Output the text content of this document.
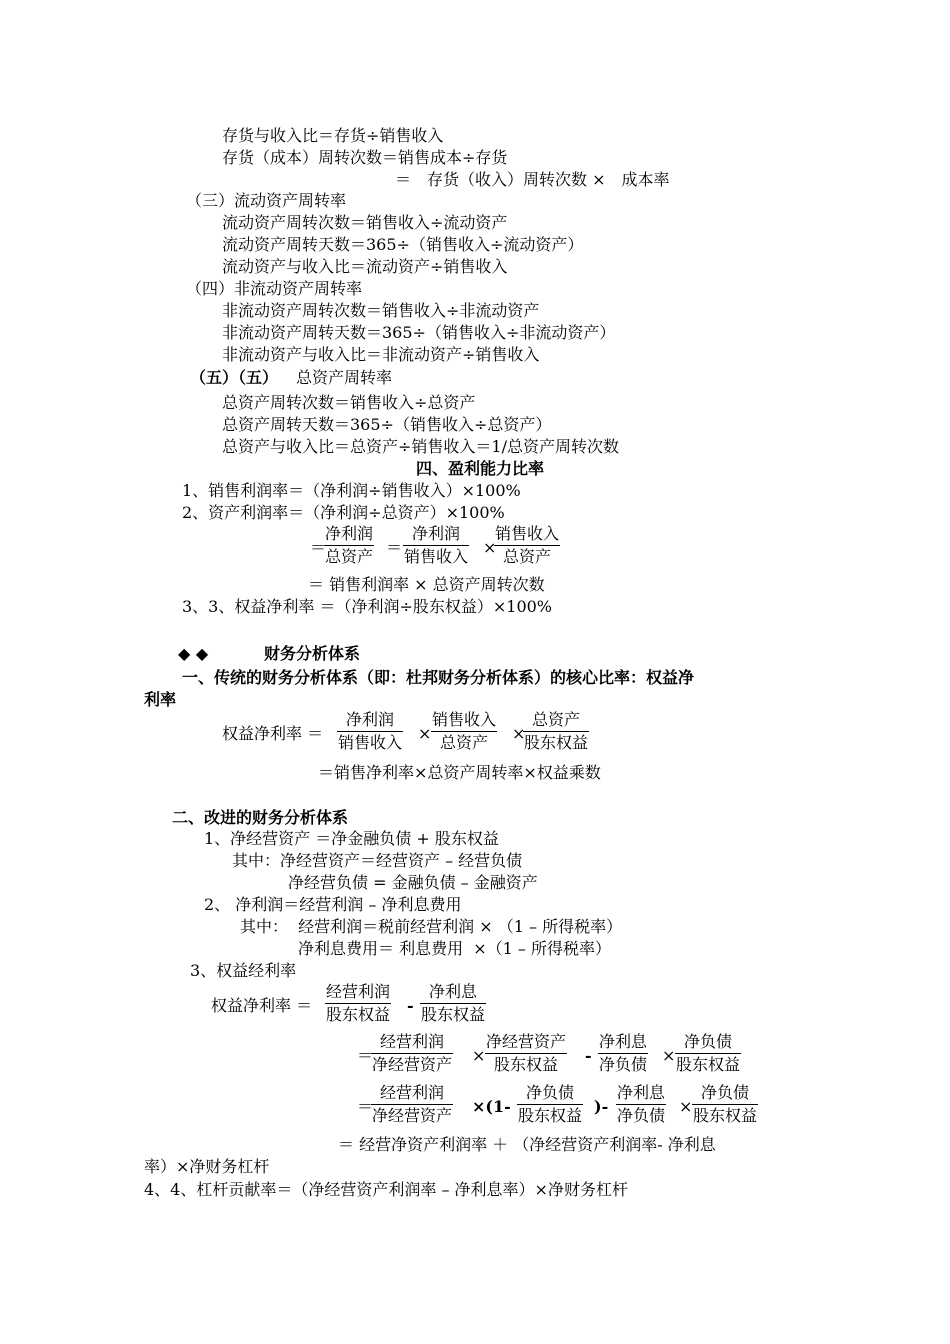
存货与收入比＝存货÷销售收入
存货（成本）周转次数＝销售成本÷存货
＝　存货（收入）周转次数 ×　成本率
（三）流动资产周转率
流动资产周转次数＝销售收入÷流动资产
流动资产周转天数＝365÷（销售收入÷流动资产）
流动资产与收入比＝流动资产÷销售收入
（四）非流动资产周转率
非流动资产周转次数＝销售收入÷非流动资产
非流动资产周转天数＝365÷（销售收入÷非流动资产）
非流动资产与收入比＝非流动资产÷销售收入
（五）（五） 总资产周转率
总资产周转次数＝销售收入÷总资产
总资产周转天数＝365÷（销售收入÷总资产）
总资产与收入比＝总资产÷销售收入＝1/总资产周转次数
四、盈利能力比率
1、销售利润率＝（净利润÷销售收入）×100%
2、资产利润率＝（净利润÷总资产）×100%
＝
净利润
总资产 ＝
净利润
销售收入 ×
销售收入
总资产
＝ 销售利润率 × 总资产周转次数
3、3、权益净利率 ＝（净利润÷股东权益）×100%
◆ ◆	财务分析体系
一、传统的财务分析体系（即：杜邦财务分析体系）的核心比率：权益净
利率
权益净利率 ＝
净利润
销售收入 ×
销售收入
总资产	×
总资产
股东权益
＝销售净利率×总资产周转率×权益乘数
二、改进的财务分析体系
1、净经营资产 ＝净金融负债 + 股东权益
其中：净经营资产＝经营资产 – 经营负债
净经营负债 = 金融负债 – 金融资产
2、 净利润＝经营利润 – 净利息费用
其中：  经营利润＝税前经营利润 × （1 – 所得税率）
净利息费用＝ 利息费用  ×（1 – 所得税率）
3、权益经利率
权益净利率 ＝
经营利润
股东权益 -
净利息
股东权益
＝
经营利润
净经营资产 ×
净经营资产
股东权益	-
净利息
净负债 ×
净负债
股东权益
＝
经营利润
净经营资产 ×(1-
净负债
股东权益 )-
净利息
净负债 ×
净负债
股东权益
＝ 经营净资产利润率 ＋ （净经营资产利润率- 净利息
率）×净财务杠杆
4、4、杠杆贡献率＝（净经营资产利润率 – 净利息率）×净财务杠杆
